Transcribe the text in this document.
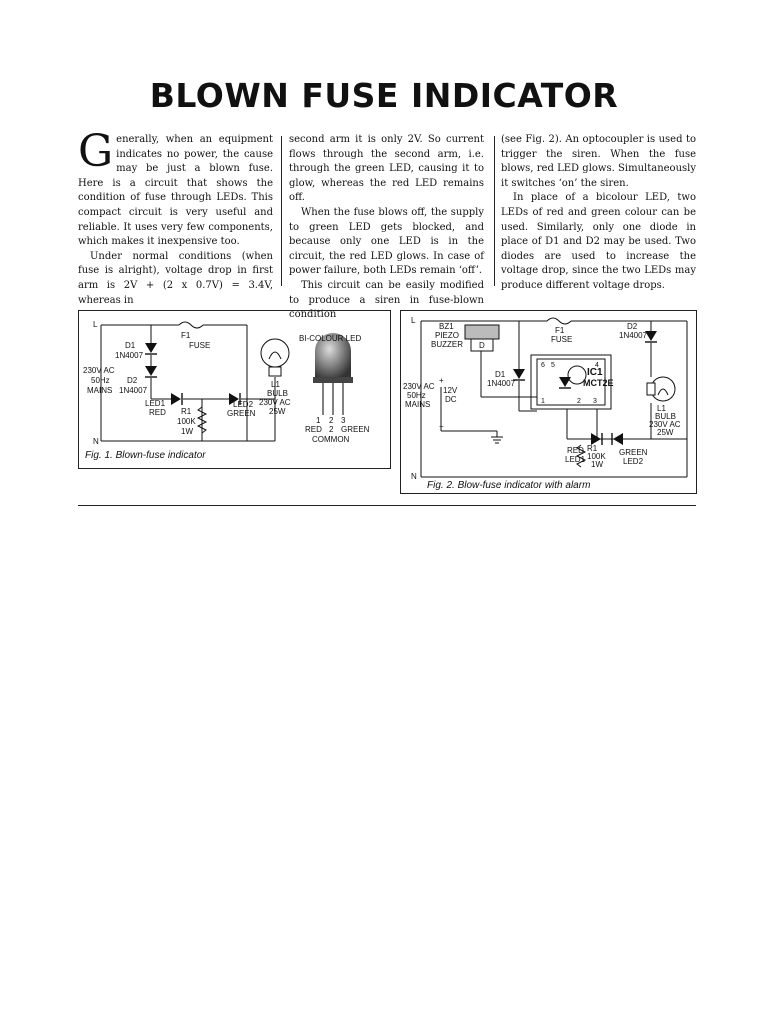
BLOWN FUSE INDICATOR

Generally, when an equipment indicates no power, the cause may be just a blown fuse. Here is a circuit that shows the condition of fuse through LEDs. This compact circuit is very useful and reliable. It uses very few components, which makes it inexpensive too.

Under normal conditions (when fuse is alright), voltage drop in first arm is 2V + (2 x 0.7V) = 3.4V, whereas in

second arm it is only 2V. So current flows through the second arm, i.e. through the green LED, causing it to glow, whereas the red LED remains off.

When the fuse blows off, the supply to green LED gets blocked, and because only one LED is in the circuit, the red LED glows. In case of power failure, both LEDs remain ‘off’.

This circuit can be easily modified to produce a siren in fuse-blown condition

(see Fig. 2). An optocoupler is used to trigger the siren. When the fuse blows, red LED glows. Simultaneously it switches ‘on’ the siren.

In place of a bicolour LED, two LEDs of red and green colour can be used. Similarly, only one diode in place of D1 and D2 may be used. Two diodes are used to increase the voltage drop, since the two LEDs may produce different voltage drops.

L
N
230V AC
50Hz
MAINS
D1
1N4007
D2
1N4007
F1
FUSE
LED1
RED
LED2
GREEN
R1
100K
1W
L1
BULB
230V AC
25W
BI-COLOUR LED
1 2 3
RED 2 GREEN
COMMON
Fig. 1. Blown-fuse indicator
D
L
N
BZ1
PIEZO
BUZZER
F1
FUSE
D2
1N4007
D1
1N4007
230V AC
50Hz
MAINS
+
12V
DC
−
IC1
MCT2E
6 5	4
1	2 3
L1
BULB
230V AC
25W
RED
LED1
R1
100K
1W
GREEN
LED2
Fig. 2. Blow-fuse indicator with alarm
